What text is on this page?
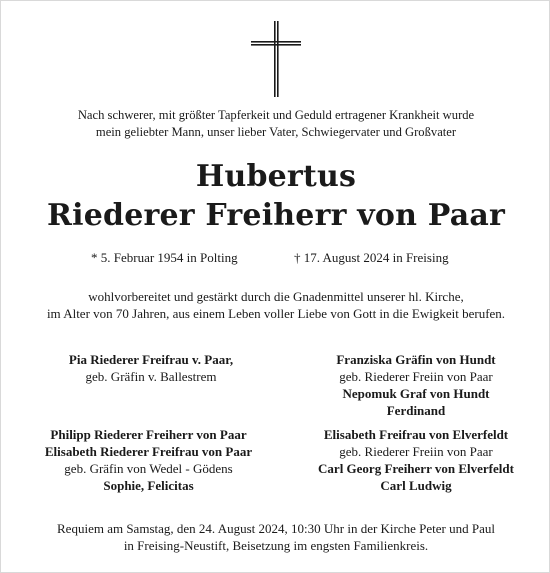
Nach schwerer, mit größter Tapferkeit und Geduld ertragener Krankheit wurde
mein geliebter Mann, unser lieber Vater, Schwiegervater und Großvater
Hubertus
Riederer Freiherr von Paar
* 5. Februar 1954 in Polting	† 17. August 2024 in Freising
wohlvorbereitet und gestärkt durch die Gnadenmittel unserer hl. Kirche,
im Alter von 70 Jahren, aus einem Leben voller Liebe von Gott in die Ewigkeit berufen.
Pia Riederer Freifrau v. Paar,
geb. Gräfin v. Ballestrem
Franziska Gräfin von Hundt
geb. Riederer Freiin von Paar
Nepomuk Graf von Hundt
Ferdinand
Philipp Riederer Freiherr von Paar
Elisabeth Riederer Freifrau von Paar
geb. Gräfin von Wedel - Gödens
Sophie, Felicitas
Elisabeth Freifrau von Elverfeldt
geb. Riederer Freiin von Paar
Carl Georg Freiherr von Elverfeldt
Carl Ludwig
Requiem am Samstag, den 24. August 2024, 10:30 Uhr in der Kirche Peter und Paul
in Freising-Neustift, Beisetzung im engsten Familienkreis.
